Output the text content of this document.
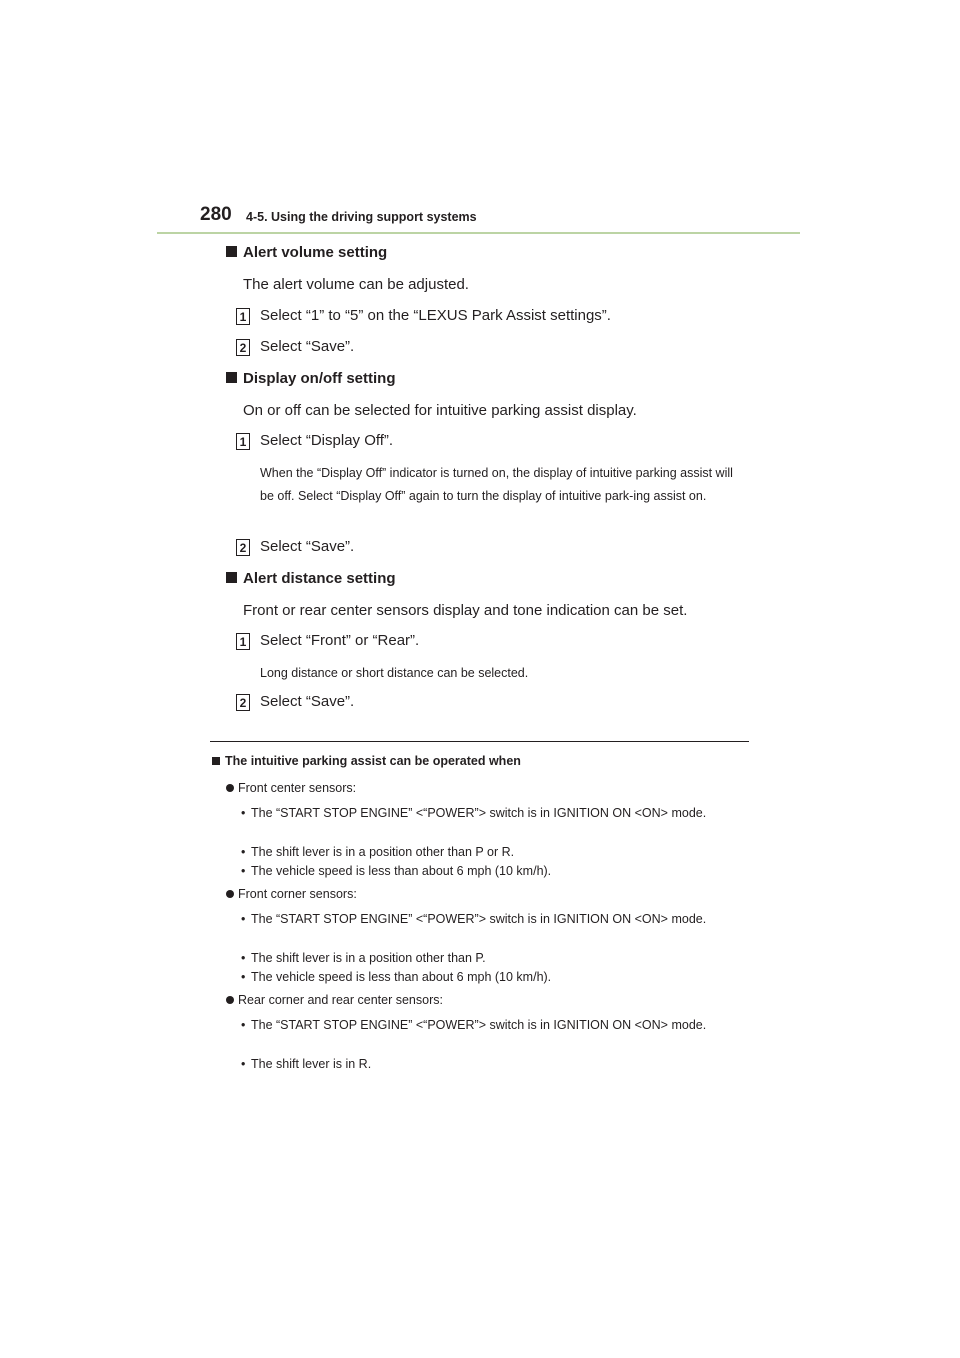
280 4-5. Using the driving support systems
Alert volume setting
The alert volume can be adjusted.
1 Select “1” to “5” on the “LEXUS Park Assist settings”.
2 Select “Save”.
Display on/off setting
On or off can be selected for intuitive parking assist display.
1 Select “Display Off”.
When the “Display Off” indicator is turned on, the display of intuitive parking assist will be off. Select “Display Off” again to turn the display of intuitive park-ing assist on.
2 Select “Save”.
Alert distance setting
Front or rear center sensors display and tone indication can be set.
1 Select “Front” or “Rear”.
Long distance or short distance can be selected.
2 Select “Save”.
The intuitive parking assist can be operated when
Front center sensors:
• The “START STOP ENGINE” <“POWER”> switch is in IGNITION ON <ON> mode.
• The shift lever is in a position other than P or R.
• The vehicle speed is less than about 6 mph (10 km/h).
Front corner sensors:
• The “START STOP ENGINE” <“POWER”> switch is in IGNITION ON <ON> mode.
• The shift lever is in a position other than P.
• The vehicle speed is less than about 6 mph (10 km/h).
Rear corner and rear center sensors:
• The “START STOP ENGINE” <“POWER”> switch is in IGNITION ON <ON> mode.
• The shift lever is in R.
